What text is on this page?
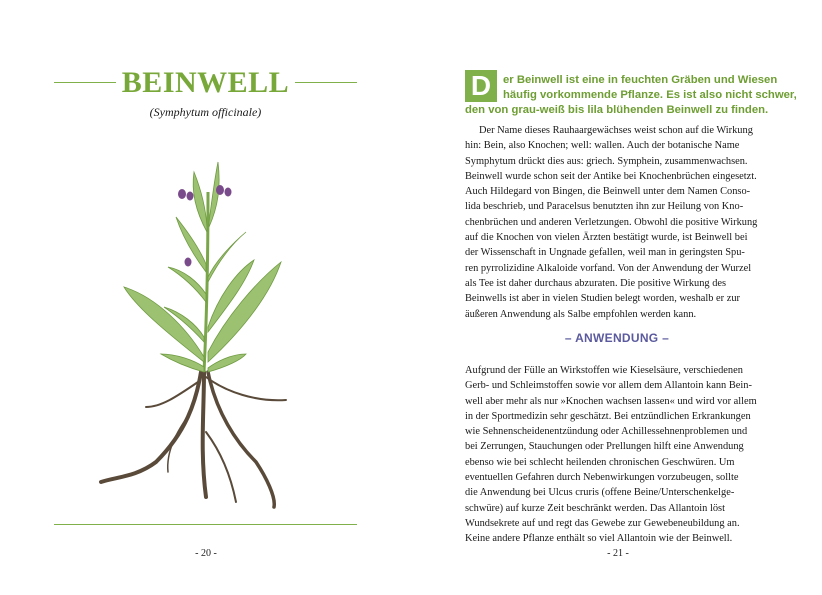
BEINWELL
(Symphytum officinale)
- 20 -
D	er Beinwell ist eine in feuchten Gräben und Wiesen
häufig vorkommende Pflanze. Es ist also nicht schwer,
den von grau-weiß bis lila blühenden Beinwell zu finden.
Der Name dieses Rauhaargewächses weist schon auf die Wirkung
hin: Bein, also Knochen; well: wallen. Auch der botanische Name
Symphytum drückt dies aus: griech. Symphein, zusammenwachsen.
Beinwell wurde schon seit der Antike bei Knochenbrüchen eingesetzt.
Auch Hildegard von Bingen, die Beinwell unter dem Namen Conso-
lida beschrieb, und Paracelsus benutzten ihn zur Heilung von Kno-
chenbrüchen und anderen Verletzungen. Obwohl die positive Wirkung
auf die Knochen von vielen Ärzten bestätigt wurde, ist Beinwell bei
der Wissenschaft in Ungnade gefallen, weil man in geringsten Spu-
ren pyrrolizidine Alkaloide vorfand. Von der Anwendung der Wurzel
als Tee ist daher durchaus abzuraten. Die positive Wirkung des
Beinwells ist aber in vielen Studien belegt worden, weshalb er zur
äußeren Anwendung als Salbe empfohlen werden kann.
– ANWENDUNG –
Aufgrund der Fülle an Wirkstoffen wie Kieselsäure, verschiedenen
Gerb- und Schleimstoffen sowie vor allem dem Allantoin kann Bein-
well aber mehr als nur »Knochen wachsen lassen« und wird vor allem
in der Sportmedizin sehr geschätzt. Bei entzündlichen Erkrankungen
wie Sehnenscheidenentzündung oder Achillessehnenproblemen und
bei Zerrungen, Stauchungen oder Prellungen hilft eine Anwendung
ebenso wie bei schlecht heilenden chronischen Geschwüren. Um
eventuellen Gefahren durch Nebenwirkungen vorzubeugen, sollte
die Anwendung bei Ulcus cruris (offene Beine/Unterschenkelge-
schwüre) auf kurze Zeit beschränkt werden. Das Allantoin löst
Wundsekrete auf und regt das Gewebe zur Gewebeneubildung an.
Keine andere Pflanze enthält so viel Allantoin wie der Beinwell.
- 21 -
